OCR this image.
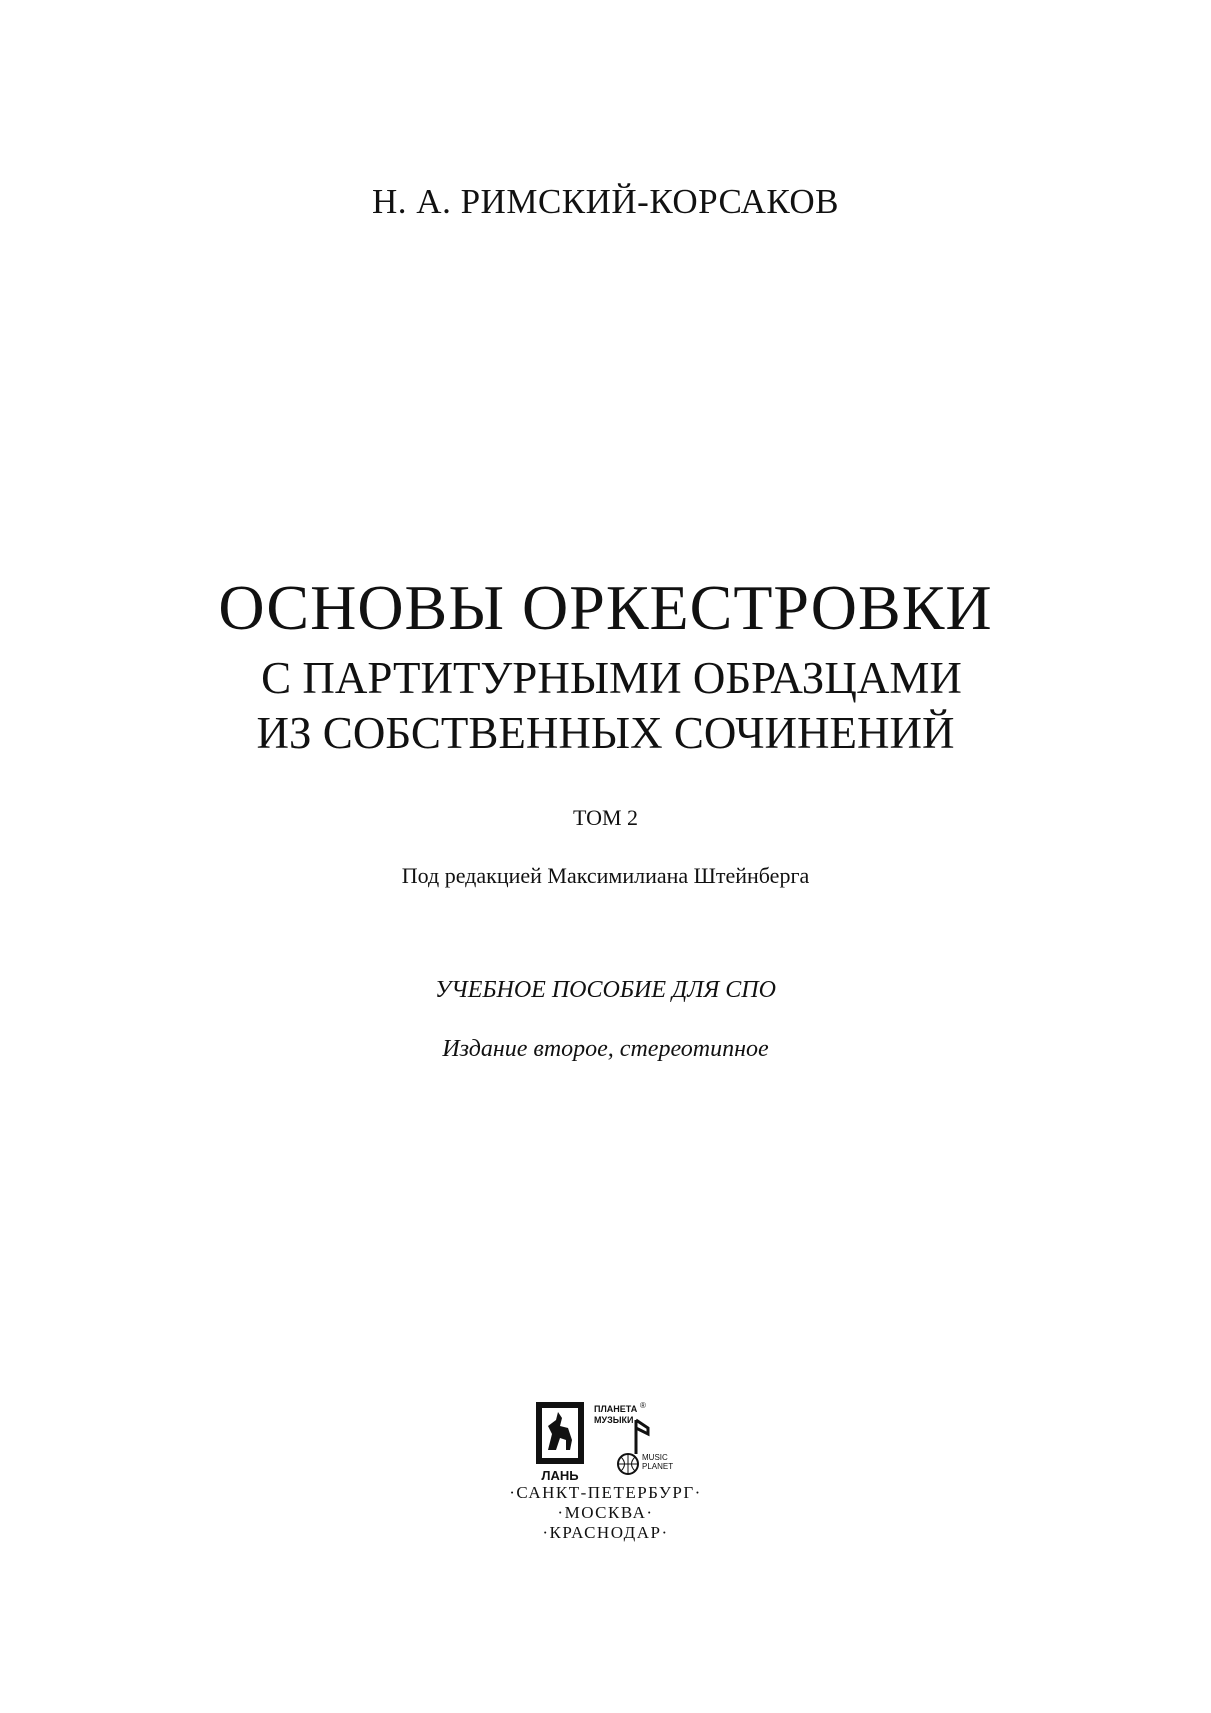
Н. А. РИМСКИЙ-КОРСАКОВ
ОСНОВЫ ОРКЕСТРОВКИ
С ПАРТИТУРНЫМИ ОБРАЗЦАМИ
ИЗ СОБСТВЕННЫХ СОЧИНЕНИЙ
ТОМ 2
Под редакцией Максимилиана Штейнберга
УЧЕБНОЕ ПОСОБИЕ ДЛЯ СПО
Издание второе, стереотипное
ЛАНЬ
ПЛАНЕТА МУЗЫКИ
®
MUSIC PLANET
·САНКТ-ПЕТЕРБУРГ·
·МОСКВА·
·КРАСНОДАР·
